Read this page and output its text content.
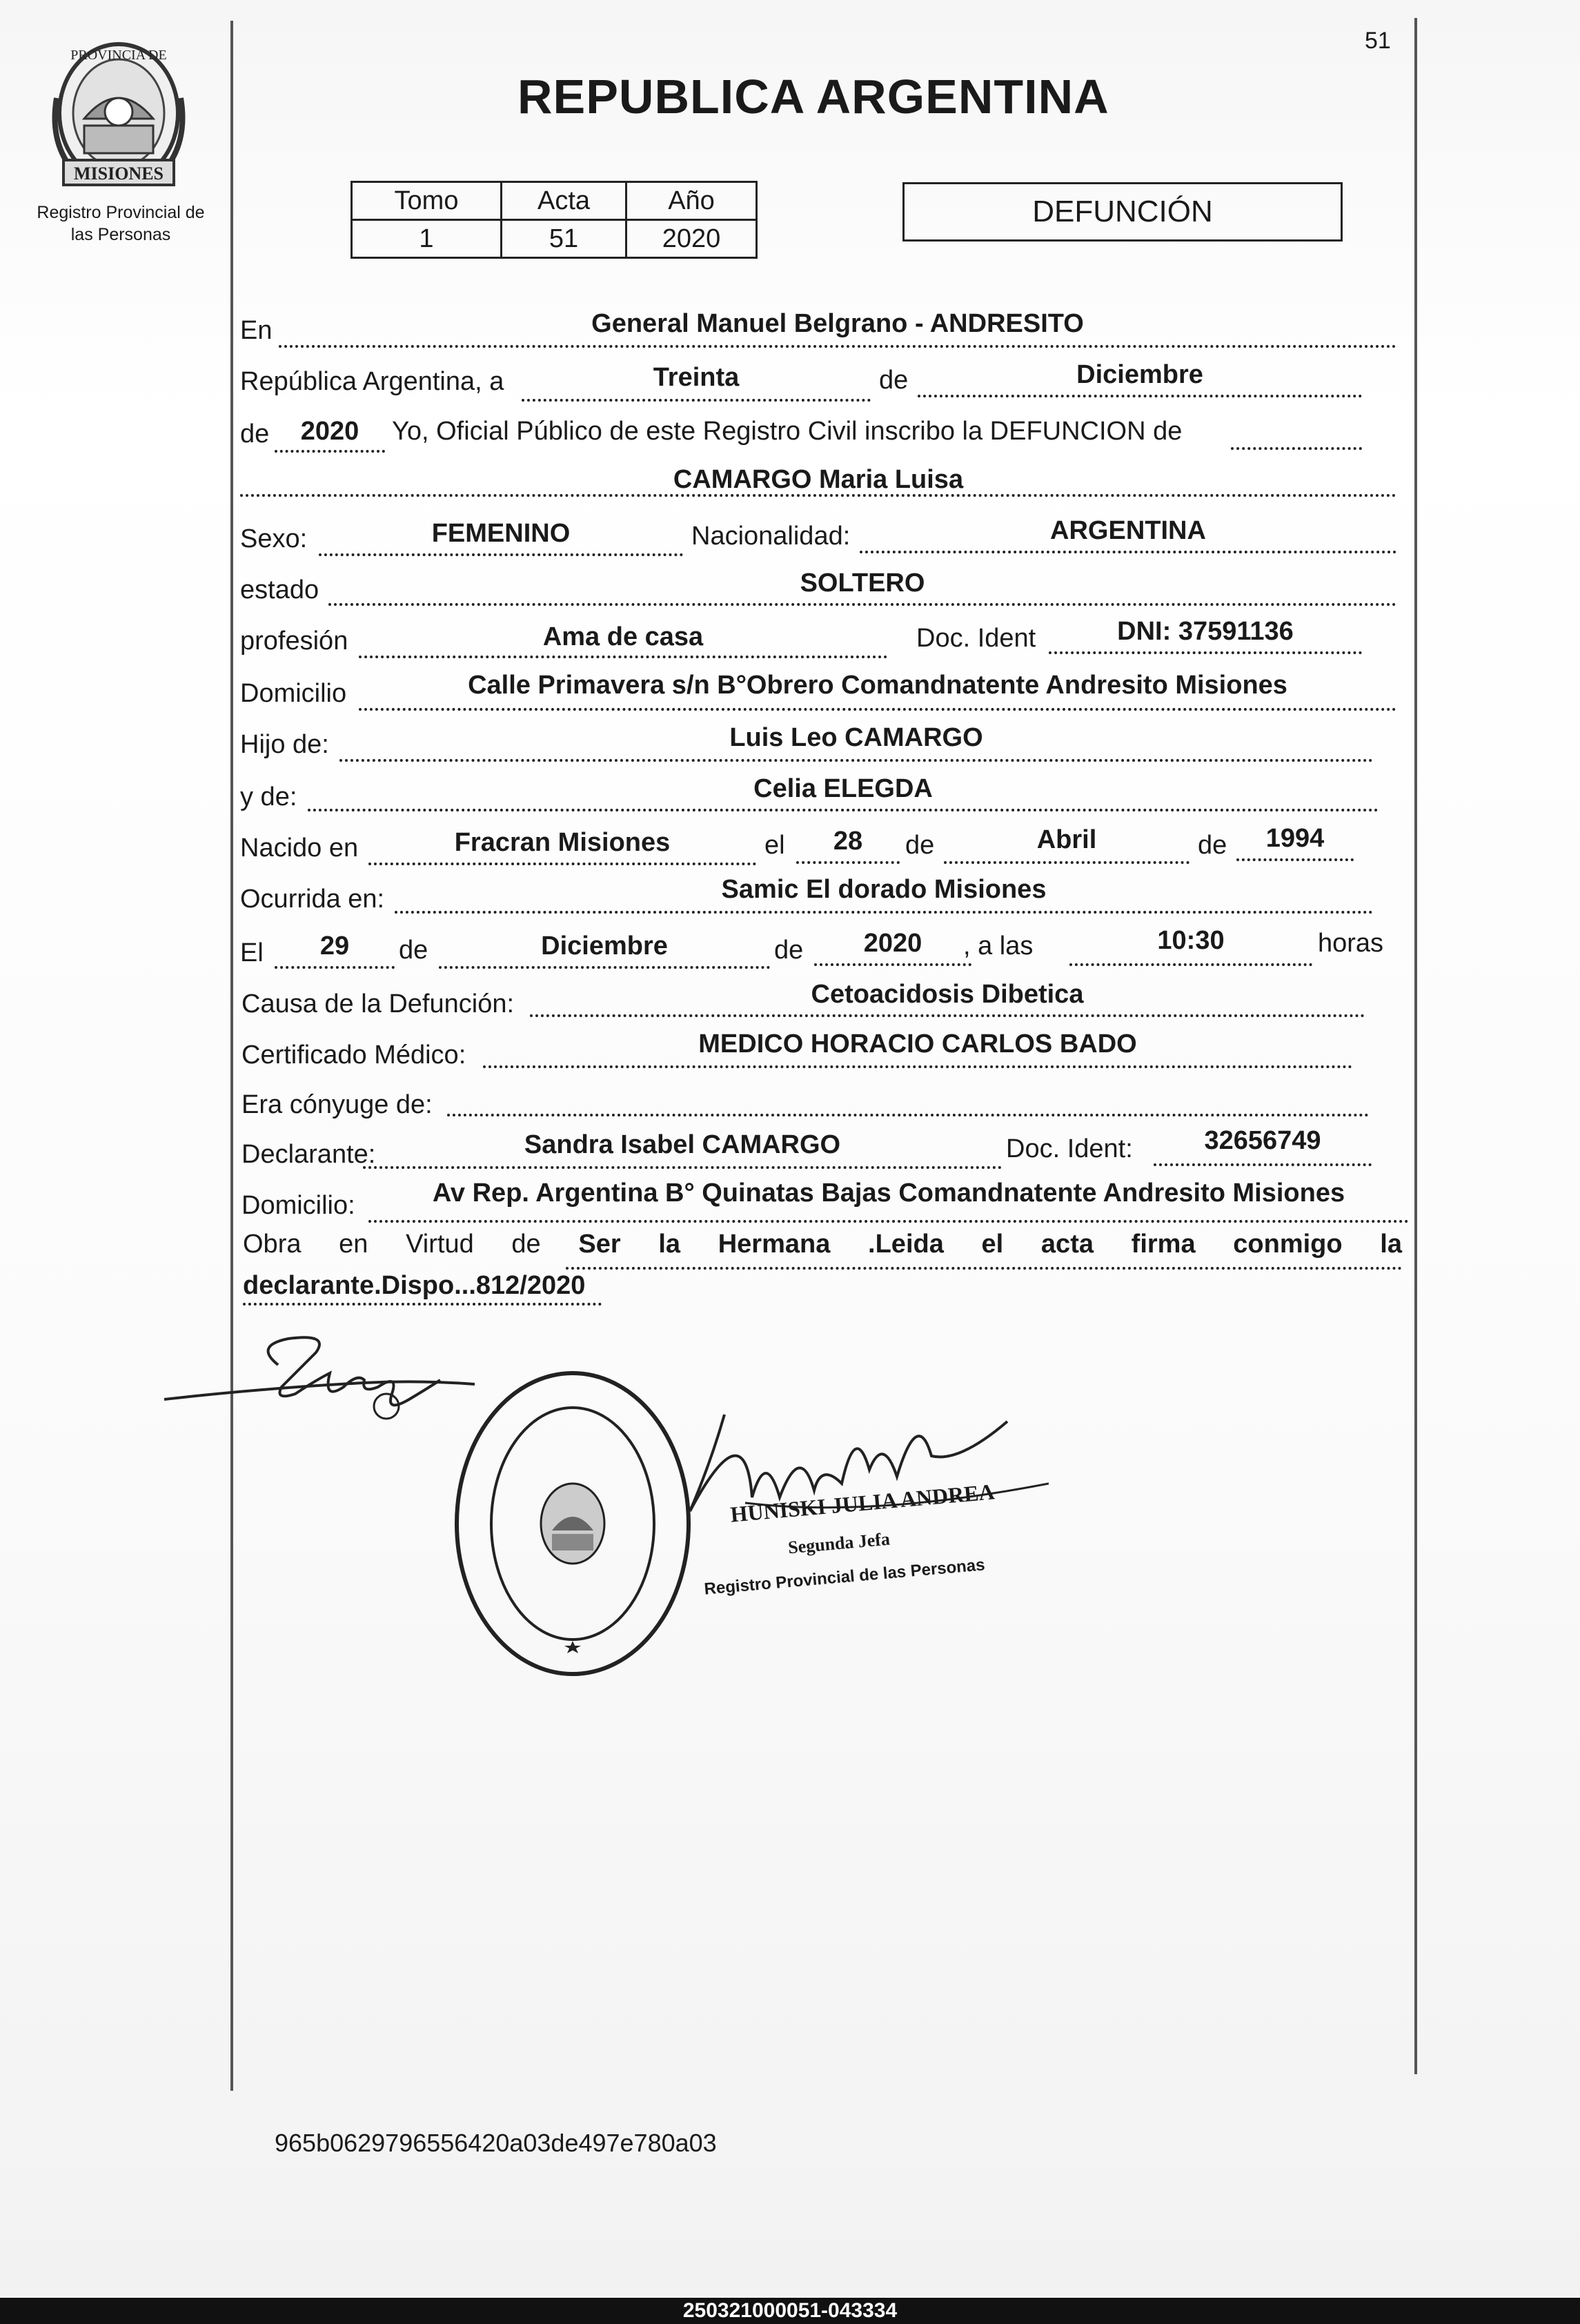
51
MISIONES
PROVINCIA DE
Registro Provincial de
las Personas
REPUBLICA ARGENTINA
Tomo	Acta	Año
1	51	2020
DEFUNCIÓN
En	General Manuel Belgrano - ANDRESITO
República Argentina, a	Treinta	de	Diciembre
de	2020	Yo, Oficial Público de este Registro Civil inscribo la DEFUNCION de
CAMARGO Maria Luisa
Sexo:	FEMENINO	Nacionalidad:	ARGENTINA
estado	SOLTERO
profesión	Ama de casa	Doc. Ident	DNI: 37591136
Domicilio	Calle Primavera s/n B°Obrero Comandnatente Andresito Misiones
Hijo de:	Luis Leo CAMARGO
y de:	Celia ELEGDA
Nacido en	Fracran Misiones	el	28	de	Abril	de	1994
Ocurrida en:	Samic El dorado Misiones
El	29	de	Diciembre	de	2020	, a las	10:30	horas
Causa de la Defunción:	Cetoacidosis Dibetica
Certificado Médico:	MEDICO HORACIO CARLOS BADO
Era cónyuge de:
Declarante:	Sandra Isabel CAMARGO	Doc. Ident:	32656749
Domicilio:	Av Rep. Argentina B° Quinatas Bajas Comandnatente Andresito Misiones
Obra en Virtud de Ser la Hermana .Leida el acta firma conmigo la
declarante.Dispo...812/2020
HUNISKI JULIA ANDREA
Segunda Jefa
Registro Provincial de las Personas
965b0629796556420a03de497e780a03
250321000051-043334
